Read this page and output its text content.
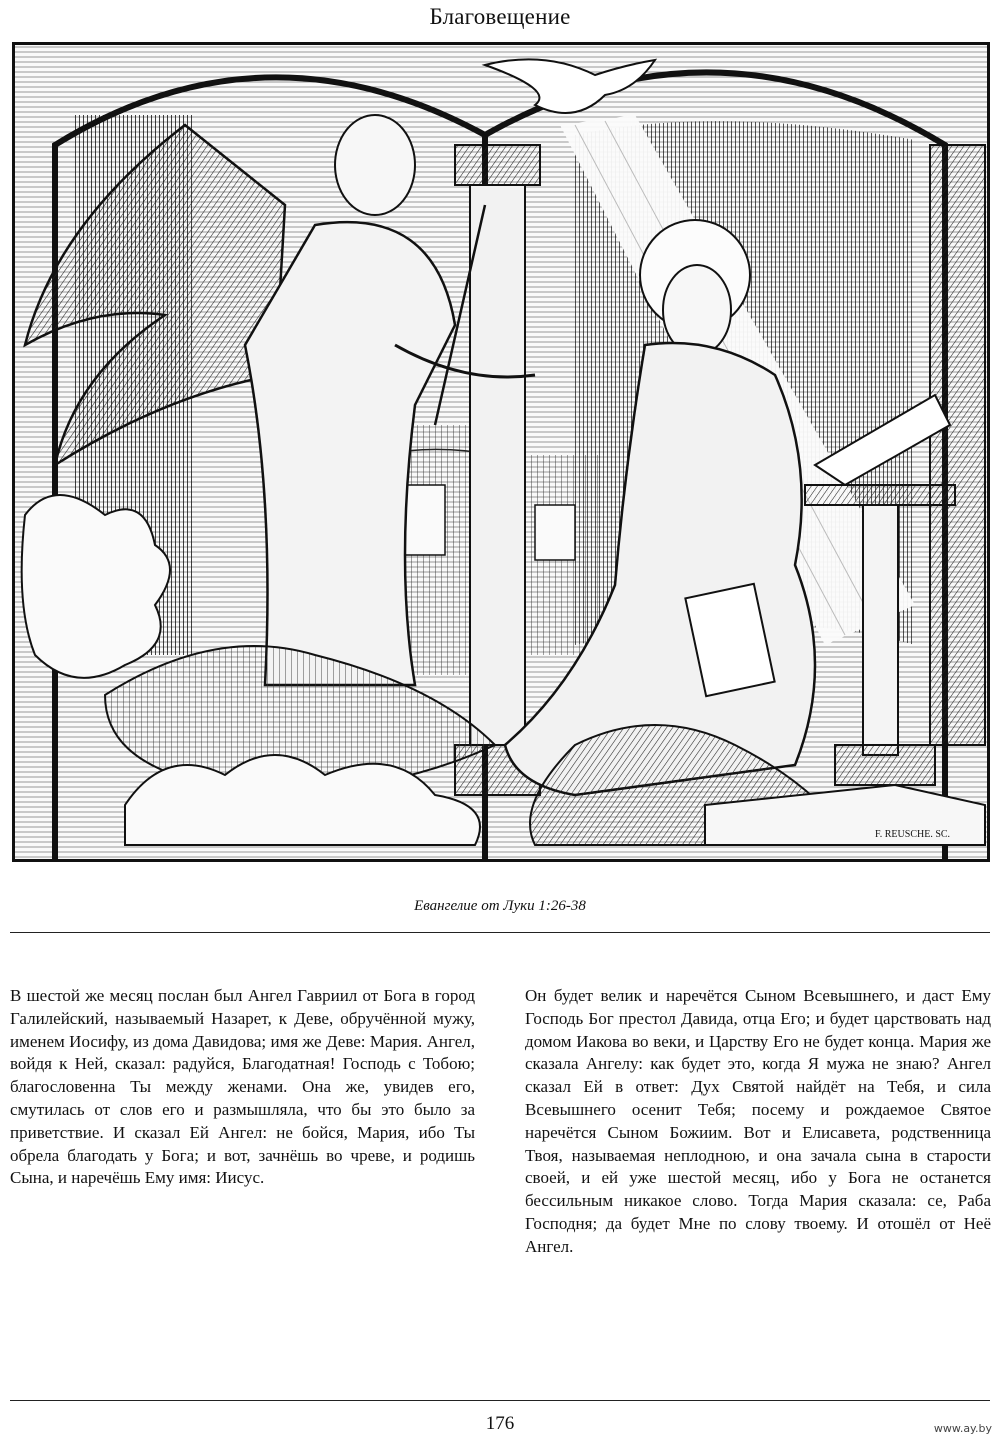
Благовещение
F. REUSCHE. SC.
Евангелие от Луки 1:26-38
В шестой же месяц послан был Ангел Гавриил от Бога в город Галилейский, называемый Назарет, к Деве, обручённой мужу, именем Иосифу, из дома Давидова; имя же Деве: Мария. Ангел, войдя к Ней, сказал: радуйся, Благодатная! Господь с Тобою; благословенна Ты между женами. Она же, увидев его, смутилась от слов его и размышляла, что бы это было за приветствие. И сказал Ей Ангел: не бойся, Мария, ибо Ты обрела благодать у Бога; и вот, зачнёшь во чреве, и родишь Сына, и наречёшь Ему имя: Иисус.
Он будет велик и наречётся Сыном Всевышнего, и даст Ему Господь Бог престол Давида, отца Его; и будет царствовать над домом Иакова во веки, и Царству Его не будет конца. Мария же сказала Ангелу: как будет это, когда Я мужа не знаю? Ангел сказал Ей в ответ: Дух Святой найдёт на Тебя, и сила Всевышнего осенит Тебя; посему и рождаемое Святое наречётся Сыном Божиим. Вот и Елисавета, родственница Твоя, называемая неплодною, и она зачала сына в старости своей, и ей уже шестой месяц, ибо у Бога не останется бессильным никакое слово. Тогда Мария сказала: се, Раба Господня; да будет Мне по слову твоему. И отошёл от Неё Ангел.
176	www.ay.by
